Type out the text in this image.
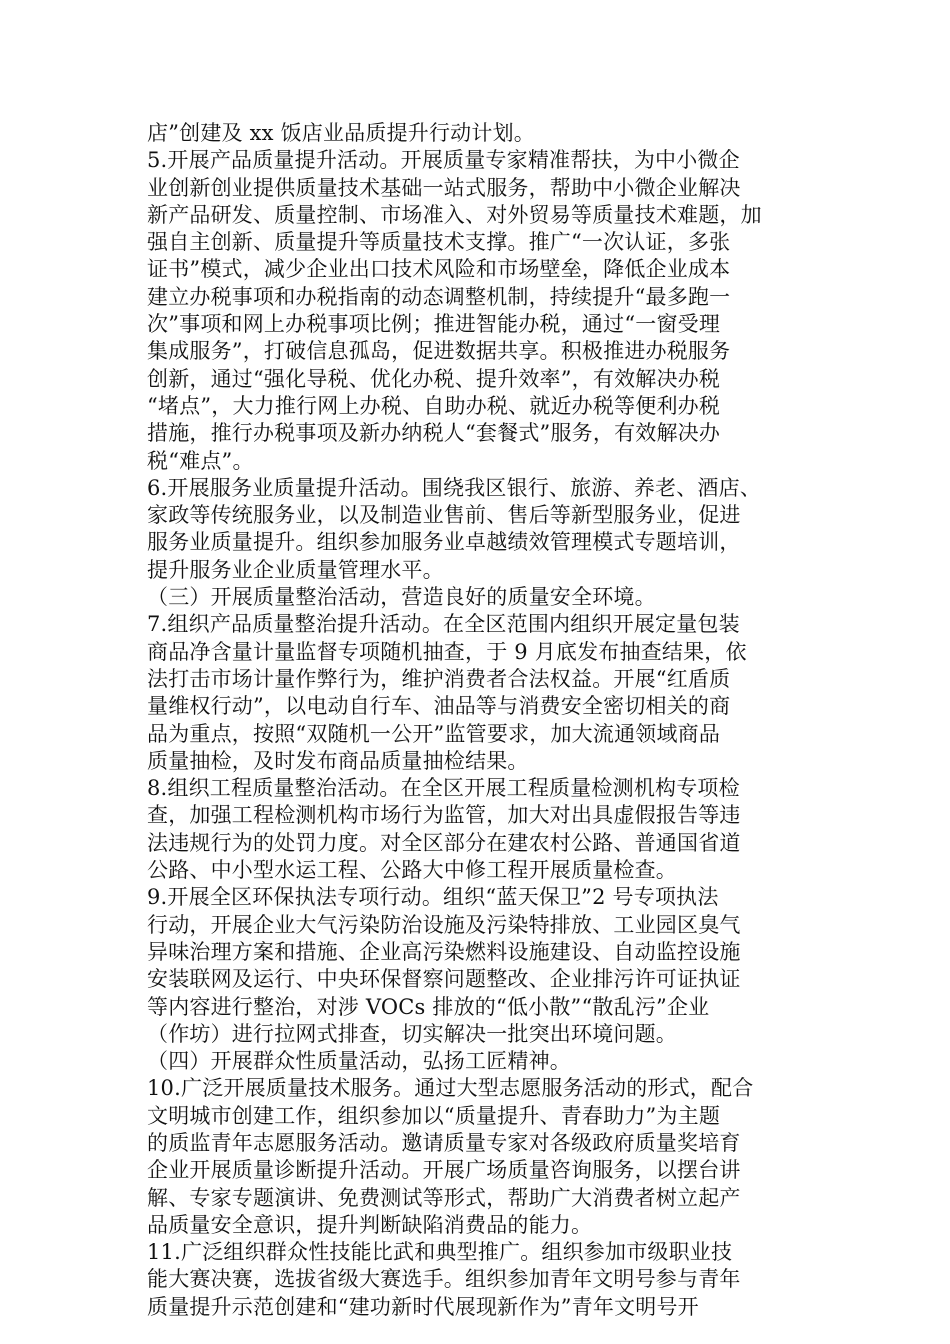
店”创建及 xx 饭店业品质提升行动计划。
5.开展产品质量提升活动。开展质量专家精准帮扶，为中小微企
业创新创业提供质量技术基础一站式服务，帮助中小微企业解决
新产品研发、质量控制、市场准入、对外贸易等质量技术难题，加
强自主创新、质量提升等质量技术支撑。推广“一次认证，多张
证书”模式，减少企业出口技术风险和市场壁垒，降低企业成本
建立办税事项和办税指南的动态调整机制，持续提升“最多跑一
次”事项和网上办税事项比例；推进智能办税，通过“一窗受理
集成服务”，打破信息孤岛，促进数据共享。积极推进办税服务
创新，通过“强化导税、优化办税、提升效率”，有效解决办税
“堵点”，大力推行网上办税、自助办税、就近办税等便利办税
措施，推行办税事项及新办纳税人“套餐式”服务，有效解决办
税“难点”。
6.开展服务业质量提升活动。围绕我区银行、旅游、养老、酒店、
家政等传统服务业，以及制造业售前、售后等新型服务业，促进
服务业质量提升。组织参加服务业卓越绩效管理模式专题培训，
提升服务业企业质量管理水平。
（三）开展质量整治活动，营造良好的质量安全环境。
7.组织产品质量整治提升活动。在全区范围内组织开展定量包装
商品净含量计量监督专项随机抽查，于 9 月底发布抽查结果，依
法打击市场计量作弊行为，维护消费者合法权益。开展“红盾质
量维权行动”，以电动自行车、油品等与消费安全密切相关的商
品为重点，按照“双随机一公开”监管要求，加大流通领域商品
质量抽检，及时发布商品质量抽检结果。
8.组织工程质量整治活动。在全区开展工程质量检测机构专项检
查，加强工程检测机构市场行为监管，加大对出具虚假报告等违
法违规行为的处罚力度。对全区部分在建农村公路、普通国省道
公路、中小型水运工程、公路大中修工程开展质量检查。
9.开展全区环保执法专项行动。组织“蓝天保卫”2 号专项执法
行动，开展企业大气污染防治设施及污染特排放、工业园区臭气
异味治理方案和措施、企业高污染燃料设施建设、自动监控设施
安装联网及运行、中央环保督察问题整改、企业排污许可证执证
等内容进行整治，对涉 VOCs 排放的“低小散”“散乱污”企业
（作坊）进行拉网式排查，切实解决一批突出环境问题。
（四）开展群众性质量活动，弘扬工匠精神。
10.广泛开展质量技术服务。通过大型志愿服务活动的形式，配合
文明城市创建工作，组织参加以“质量提升、青春助力”为主题
的质监青年志愿服务活动。邀请质量专家对各级政府质量奖培育
企业开展质量诊断提升活动。开展广场质量咨询服务，以摆台讲
解、专家专题演讲、免费测试等形式，帮助广大消费者树立起产
品质量安全意识，提升判断缺陷消费品的能力。
11.广泛组织群众性技能比武和典型推广。组织参加市级职业技
能大赛决赛，选拔省级大赛选手。组织参加青年文明号参与青年
质量提升示范创建和“建功新时代展现新作为”青年文明号开
